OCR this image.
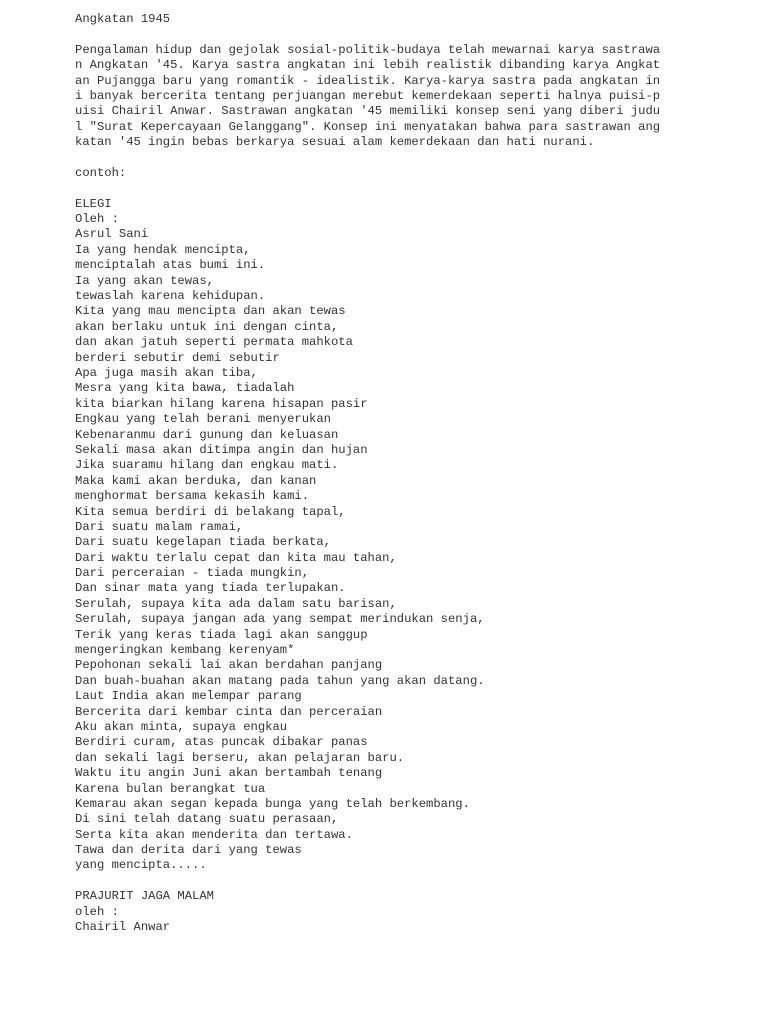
Angkatan 1945
Pengalaman hidup dan gejolak sosial-politik-budaya telah mewarnai karya sastrawa
n Angkatan '45. Karya sastra angkatan ini lebih realistik dibanding karya Angkat
an Pujangga baru yang romantik - idealistik. Karya-karya sastra pada angkatan in
i banyak bercerita tentang perjuangan merebut kemerdekaan seperti halnya puisi-p
uisi Chairil Anwar. Sastrawan angkatan '45 memiliki konsep seni yang diberi judu
l "Surat Kepercayaan Gelanggang". Konsep ini menyatakan bahwa para sastrawan ang
katan '45 ingin bebas berkarya sesuai alam kemerdekaan dan hati nurani.
contoh:
ELEGI
Oleh :
Asrul Sani
Ia yang hendak mencipta,
menciptalah atas bumi ini.
Ia yang akan tewas,
tewaslah karena kehidupan.
Kita yang mau mencipta dan akan tewas
akan berlaku untuk ini dengan cinta,
dan akan jatuh seperti permata mahkota
berderi sebutir demi sebutir
Apa juga masih akan tiba,
Mesra yang kita bawa, tiadalah
kita biarkan hilang karena hisapan pasir
Engkau yang telah berani menyerukan
Kebenaranmu dari gunung dan keluasan
Sekali masa akan ditimpa angin dan hujan
Jika suaramu hilang dan engkau mati.
Maka kami akan berduka, dan kanan
menghormat bersama kekasih kami.
Kita semua berdiri di belakang tapal,
Dari suatu malam ramai,
Dari suatu kegelapan tiada berkata,
Dari waktu terlalu cepat dan kita mau tahan,
Dari perceraian - tiada mungkin,
Dan sinar mata yang tiada terlupakan.
Serulah, supaya kita ada dalam satu barisan,
Serulah, supaya jangan ada yang sempat merindukan senja,
Terik yang keras tiada lagi akan sanggup
mengeringkan kembang kerenyam*
Pepohonan sekali lai akan berdahan panjang
Dan buah-buahan akan matang pada tahun yang akan datang.
Laut India akan melempar parang
Bercerita dari kembar cinta dan perceraian
Aku akan minta, supaya engkau
Berdiri curam, atas puncak dibakar panas
dan sekali lagi berseru, akan pelajaran baru.
Waktu itu angin Juni akan bertambah tenang
Karena bulan berangkat tua
Kemarau akan segan kepada bunga yang telah berkembang.
Di sini telah datang suatu perasaan,
Serta kita akan menderita dan tertawa.
Tawa dan derita dari yang tewas
yang mencipta.....
PRAJURIT JAGA MALAM
oleh :
Chairil Anwar
